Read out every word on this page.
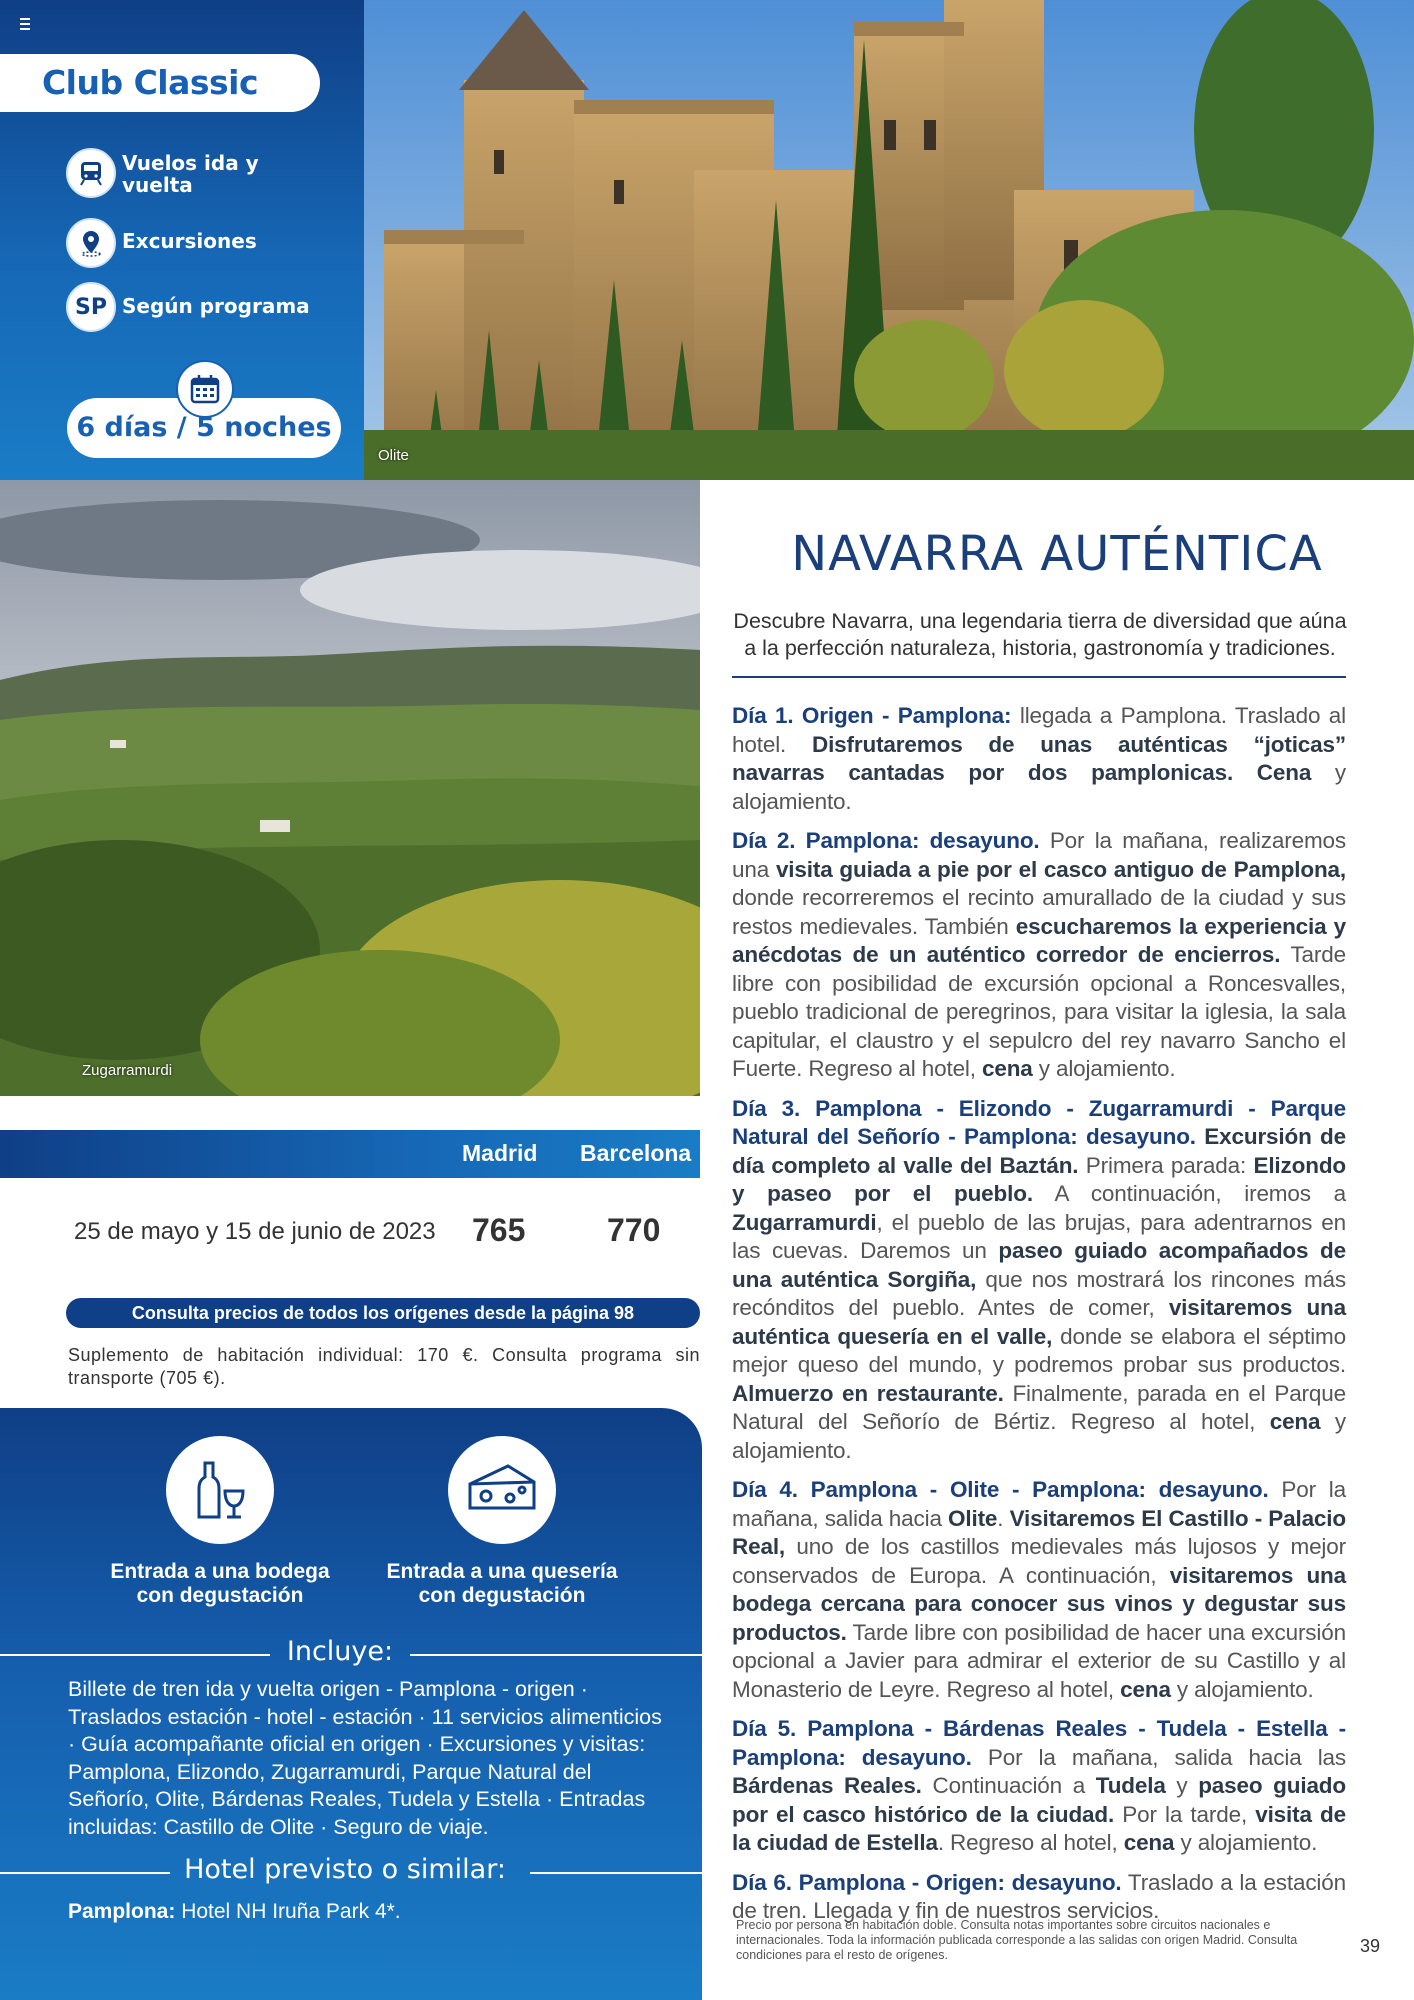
Club Classic
Vuelos ida y
vuelta
Excursiones
SP Según programa
6 días / 5 noches
Olite
Zugarramurdi
Madrid Barcelona
25 de mayo y 15 de junio de 2023 765	770
Consulta precios de todos los orígenes desde la página 98
Suplemento de habitación individual: 170 €. Consulta programa sin transporte (705 €).
Entrada a una bodega
con degustación
Entrada a una quesería
con degustación
Incluye:
Billete de tren ida y vuelta origen - Pamplona - origen · Traslados estación - hotel - estación · 11 servicios alimenticios · Guía acompañante oficial en origen · Excursiones y visitas: Pamplona, Elizondo, Zugarramurdi, Parque Natural del Señorío, Olite, Bárdenas Reales, Tudela y Estella · Entradas incluidas: Castillo de Olite · Seguro de viaje.
Hotel previsto o similar:
Pamplona: Hotel NH Iruña Park 4*.
NAVARRA AUTÉNTICA
Descubre Navarra, una legendaria tierra de diversidad que aúna a la perfección naturaleza, historia, gastronomía y tradiciones.

Día 1. Origen - Pamplona: llegada a Pamplona. Traslado al hotel. Disfrutaremos de unas auténticas “joticas” navarras cantadas por dos pamplonicas. Cena y alojamiento.

Día 2. Pamplona: desayuno. Por la mañana, realizaremos una visita guiada a pie por el casco antiguo de Pamplona, donde recorreremos el recinto amurallado de la ciudad y sus restos medievales. También escucharemos la experiencia y anécdotas de un auténtico corredor de encierros. Tarde libre con posibilidad de excursión opcional a Roncesvalles, pueblo tradicional de peregrinos, para visitar la iglesia, la sala capitular, el claustro y el sepulcro del rey navarro Sancho el Fuerte. Regreso al hotel, cena y alojamiento.

Día 3. Pamplona - Elizondo - Zugarramurdi - Parque Natural del Señorío - Pamplona: desayuno. Excursión de día completo al valle del Baztán. Primera parada: Elizondo y paseo por el pueblo. A continuación, iremos a Zugarramurdi, el pueblo de las brujas, para adentrarnos en las cuevas. Daremos un paseo guiado acompañados de una auténtica Sorgiña, que nos mostrará los rincones más recónditos del pueblo. Antes de comer, visitaremos una auténtica quesería en el valle, donde se elabora el séptimo mejor queso del mundo, y podremos probar sus productos. Almuerzo en restaurante. Finalmente, parada en el Parque Natural del Señorío de Bértiz. Regreso al hotel, cena y alojamiento.

Día 4. Pamplona - Olite - Pamplona: desayuno. Por la mañana, salida hacia Olite. Visitaremos El Castillo - Palacio Real, uno de los castillos medievales más lujosos y mejor conservados de Europa. A continuación, visitaremos una bodega cercana para conocer sus vinos y degustar sus productos. Tarde libre con posibilidad de hacer una excursión opcional a Javier para admirar el exterior de su Castillo y al Monasterio de Leyre. Regreso al hotel, cena y alojamiento.

Día 5. Pamplona - Bárdenas Reales - Tudela - Estella - Pamplona: desayuno. Por la mañana, salida hacia las Bárdenas Reales. Continuación a Tudela y paseo guiado por el casco histórico de la ciudad. Por la tarde, visita de la ciudad de Estella. Regreso al hotel, cena y alojamiento.

Día 6. Pamplona - Origen: desayuno. Traslado a la estación de tren. Llegada y fin de nuestros servicios.

Precio por persona en habitación doble. Consulta notas importantes sobre circuitos nacionales e internacionales. Toda la información publicada corresponde a las salidas con origen Madrid. Consulta condiciones para el resto de orígenes.	39
